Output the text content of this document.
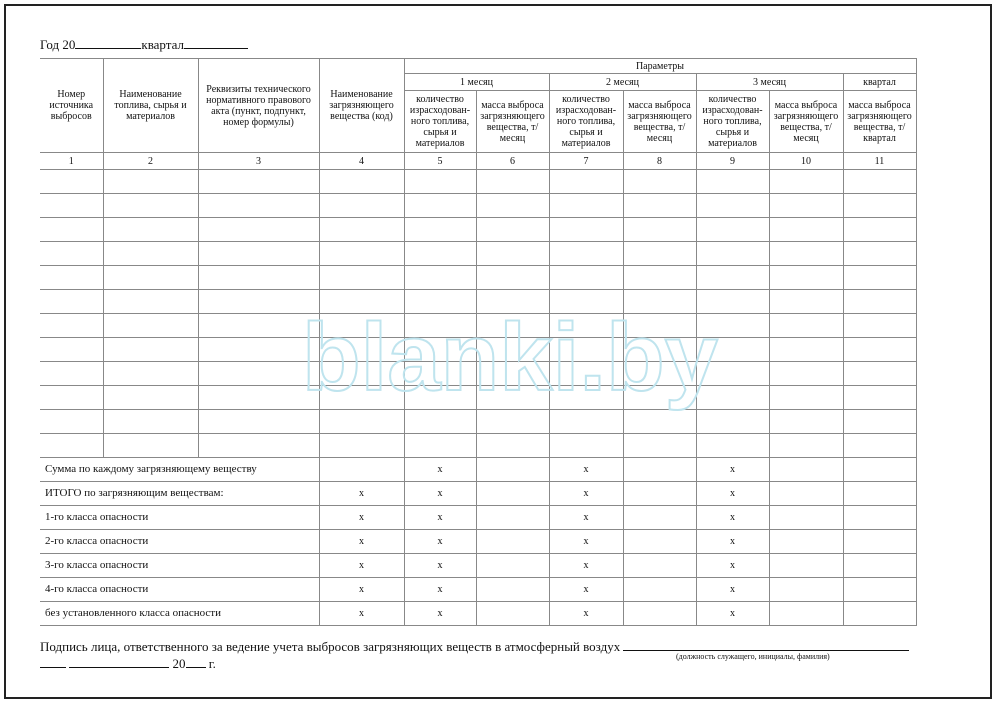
Год 20	квартал
Номер источника выбросов	Наименование топлива, сырья и материалов	Реквизиты технического нормативного правового акта (пункт, подпункт, номер формулы)	Наименование загрязняющего вещества (код)	Параметры						
				1 месяц		2 месяц		3 месяц		квартал
				количество израсходован-ного топлива, сырья и материалов	масса выброса загрязняющего вещества, т/месяц	количество израсходован-ного топлива, сырья и материалов	масса выброса загрязняющего вещества, т/месяц	количество израсходован-ного топлива, сырья и материалов	масса выброса загрязняющего вещества, т/месяц	масса выброса загрязняющего вещества, т/квартал
1	2	3	4	5	6	7	8	9	10	11

Сумма по каждому загрязняющему веществу				х		х		х		
ИТОГО по загрязняющим веществам:			х	х		х		х		
1-го класса опасности			х	х		х		х		
2-го класса опасности			х	х		х		х		
3-го класса опасности			х	х		х		х		
4-го класса опасности			х	х		х		х		
без установленного класса опасности			х	х		х		х		
blanki.by
Подпись лица, ответственного за ведение учета выбросов загрязняющих веществ в атмосферный воздух
(должность служащего, инициалы, фамилия)
20 г.
